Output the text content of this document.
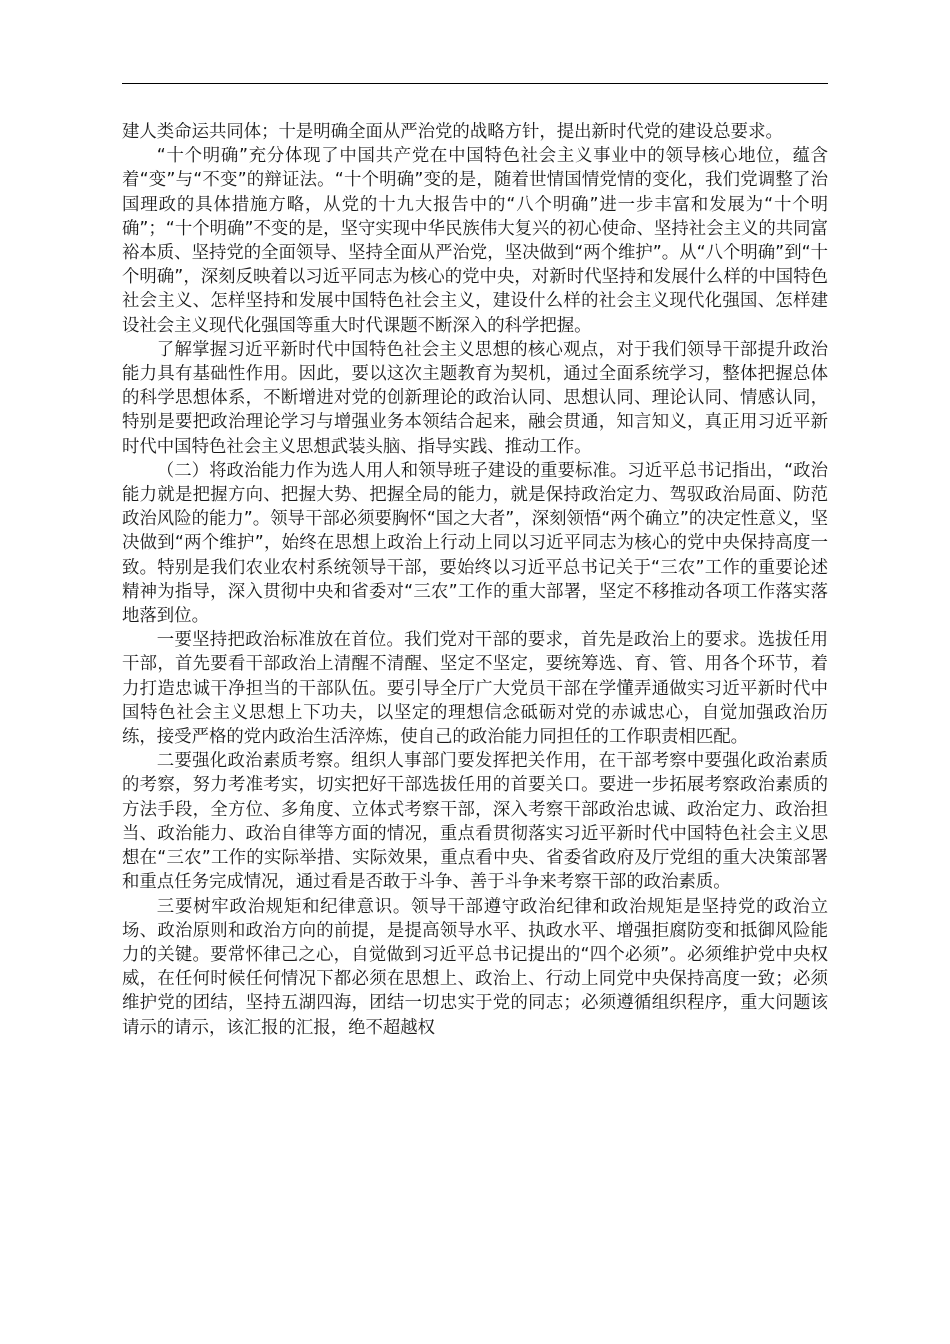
建人类命运共同体；十是明确全面从严治党的战略方针，提出新时代党的建设总要求。

“十个明确”充分体现了中国共产党在中国特色社会主义事业中的领导核心地位，蕴含着“变”与“不变”的辩证法。“十个明确”变的是，随着世情国情党情的变化，我们党调整了治国理政的具体措施方略，从党的十九大报告中的“八个明确”进一步丰富和发展为“十个明确”；“十个明确”不变的是，坚守实现中华民族伟大复兴的初心使命、坚持社会主义的共同富裕本质、坚持党的全面领导、坚持全面从严治党，坚决做到“两个维护”。从“八个明确”到“十个明确”，深刻反映着以习近平同志为核心的党中央，对新时代坚持和发展什么样的中国特色社会主义、怎样坚持和发展中国特色社会主义，建设什么样的社会主义现代化强国、怎样建设社会主义现代化强国等重大时代课题不断深入的科学把握。

了解掌握习近平新时代中国特色社会主义思想的核心观点，对于我们领导干部提升政治能力具有基础性作用。因此，要以这次主题教育为契机，通过全面系统学习，整体把握总体的科学思想体系，不断增进对党的创新理论的政治认同、思想认同、理论认同、情感认同，特别是要把政治理论学习与增强业务本领结合起来，融会贯通，知言知义，真正用习近平新时代中国特色社会主义思想武装头脑、指导实践、推动工作。

（二）将政治能力作为选人用人和领导班子建设的重要标准。习近平总书记指出，“政治能力就是把握方向、把握大势、把握全局的能力，就是保持政治定力、驾驭政治局面、防范政治风险的能力”。领导干部必须要胸怀“国之大者”，深刻领悟“两个确立”的决定性意义，坚决做到“两个维护”，始终在思想上政治上行动上同以习近平同志为核心的党中央保持高度一致。特别是我们农业农村系统领导干部，要始终以习近平总书记关于“三农”工作的重要论述精神为指导，深入贯彻中央和省委对“三农”工作的重大部署，坚定不移推动各项工作落实落地落到位。

一要坚持把政治标准放在首位。我们党对干部的要求，首先是政治上的要求。选拔任用干部，首先要看干部政治上清醒不清醒、坚定不坚定，要统筹选、育、管、用各个环节，着力打造忠诚干净担当的干部队伍。要引导全厅广大党员干部在学懂弄通做实习近平新时代中国特色社会主义思想上下功夫，以坚定的理想信念砥砺对党的赤诚忠心，自觉加强政治历练，接受严格的党内政治生活淬炼，使自己的政治能力同担任的工作职责相匹配。

二要强化政治素质考察。组织人事部门要发挥把关作用，在干部考察中要强化政治素质的考察，努力考准考实，切实把好干部选拔任用的首要关口。要进一步拓展考察政治素质的方法手段，全方位、多角度、立体式考察干部，深入考察干部政治忠诚、政治定力、政治担当、政治能力、政治自律等方面的情况，重点看贯彻落实习近平新时代中国特色社会主义思想在“三农”工作的实际举措、实际效果，重点看中央、省委省政府及厅党组的重大决策部署和重点任务完成情况，通过看是否敢于斗争、善于斗争来考察干部的政治素质。

三要树牢政治规矩和纪律意识。领导干部遵守政治纪律和政治规矩是坚持党的政治立场、政治原则和政治方向的前提，是提高领导水平、执政水平、增强拒腐防变和抵御风险能力的关键。要常怀律己之心，自觉做到习近平总书记提出的“四个必须”。必须维护党中央权威，在任何时候任何情况下都必须在思想上、政治上、行动上同党中央保持高度一致；必须维护党的团结，坚持五湖四海，团结一切忠实于党的同志；必须遵循组织程序，重大问题该请示的请示，该汇报的汇报，绝不超越权
